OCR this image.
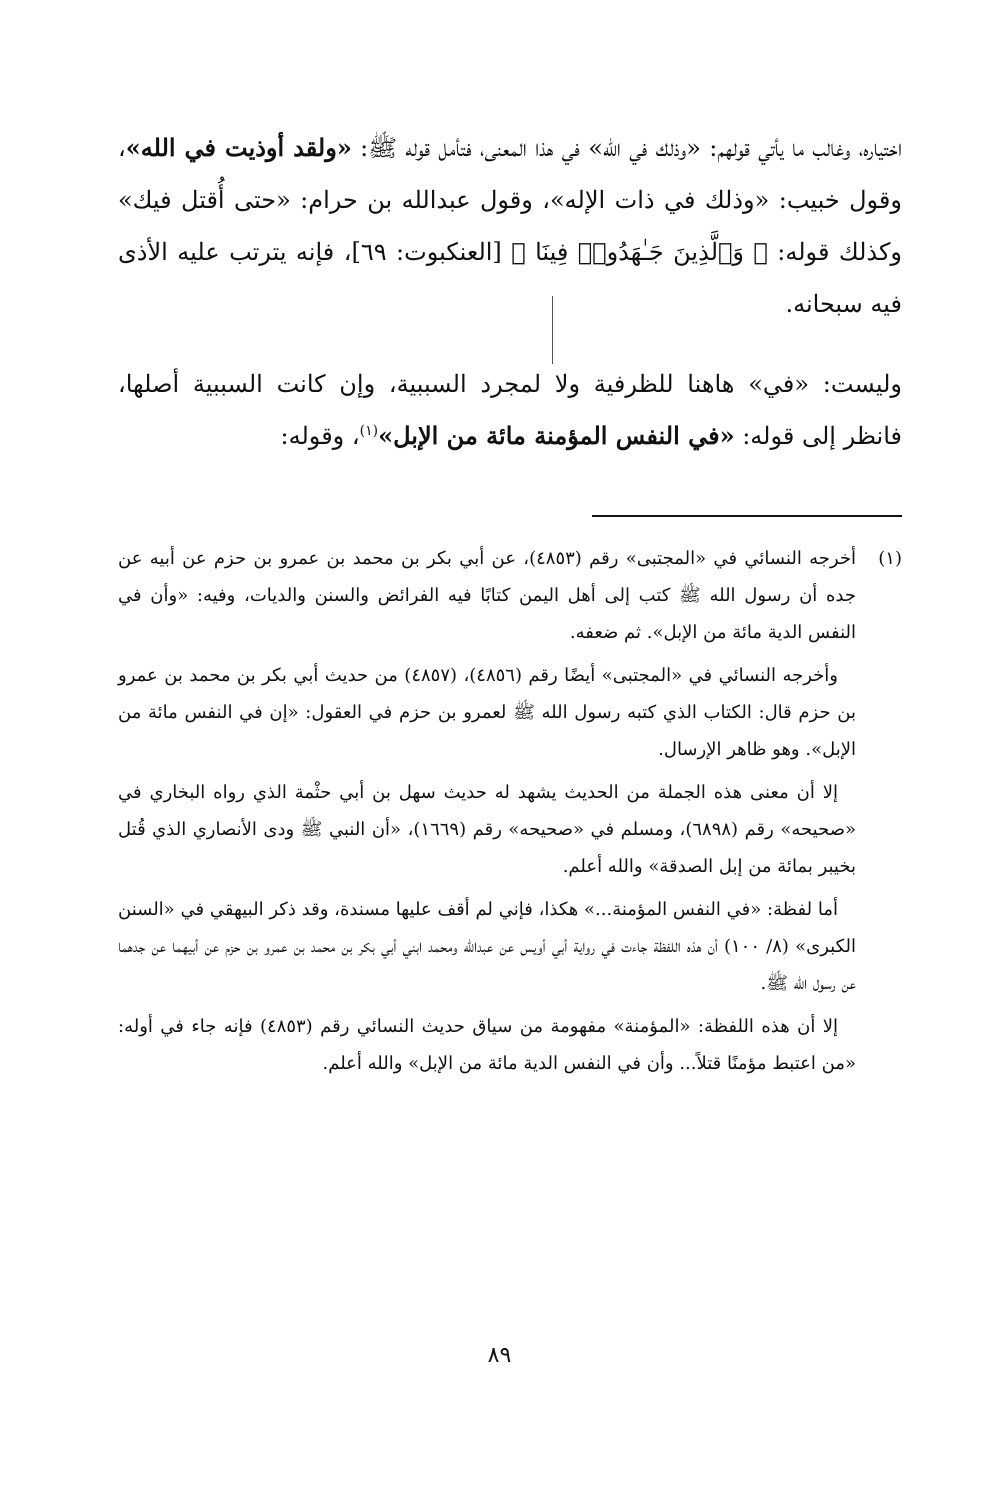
اختياره، وغالب ما يأتي قولهم: «وذلك في الله» في هذا المعنى، فتأمل قوله ﷺ: «ولقد أوذيت في الله»، وقول خبيب: «وذلك في ذات الإله»، وقول عبدالله بن حرام: «حتى أُقتل فيك» وكذلك قوله: ﴿ وَٱلَّذِينَ جَـٰهَدُوا۟ فِينَا ﴾ [العنكبوت: ٦٩]، فإنه يترتب عليه الأذى فيه سبحانه.

وليست: «في» هاهنا للظرفية ولا لمجرد السببية، وإن كانت السببية أصلها، فانظر إلى قوله: «في النفس المؤمنة مائة من الإبل»$^{(١)}$، وقوله:

(١)

أخرجه النسائي في «المجتبى» رقم (٤٨٥٣)، عن أبي بكر بن محمد بن عمرو بن حزم عن أبيه عن جده أن رسول الله ﷺ كتب إلى أهل اليمن كتابًا فيه الفرائض والسنن والديات، وفيه: «وأن في النفس الدية مائة من الإبل». ثم ضعفه.

وأخرجه النسائي في «المجتبى» أيضًا رقم (٤٨٥٦)، (٤٨٥٧) من حديث أبي بكر بن محمد بن عمرو بن حزم قال: الكتاب الذي كتبه رسول الله ﷺ لعمرو بن حزم في العقول: «إن في النفس مائة من الإبل». وهو ظاهر الإرسال.

إلا أن معنى هذه الجملة من الحديث يشهد له حديث سهل بن أبي حثْمة الذي رواه البخاري في «صحيحه» رقم (٦٨٩٨)، ومسلم في «صحيحه» رقم (١٦٦٩)، «أن النبي ﷺ ودى الأنصاري الذي قُتل بخيبر بمائة من إبل الصدقة» والله أعلم.

أما لفظة: «في النفس المؤمنة...» هكذا، فإني لم أقف عليها مسندة، وقد ذكر البيهقي في «السنن الكبرى» (٨/ ١٠٠) أن هذه اللفظة جاءت في رواية أبي أويس عن عبدالله ومحمد ابني أبي بكر بن محمد بن عمرو بن حزم عن أبيهما عن جدهما عن رسول الله ﷺ.

إلا أن هذه اللفظة: «المؤمنة» مفهومة من سياق حديث النسائي رقم (٤٨٥٣) فإنه جاء في أوله: «من اعتبط مؤمنًا قتلاً... وأن في النفس الدية مائة من الإبل» والله أعلم.

٨٩
